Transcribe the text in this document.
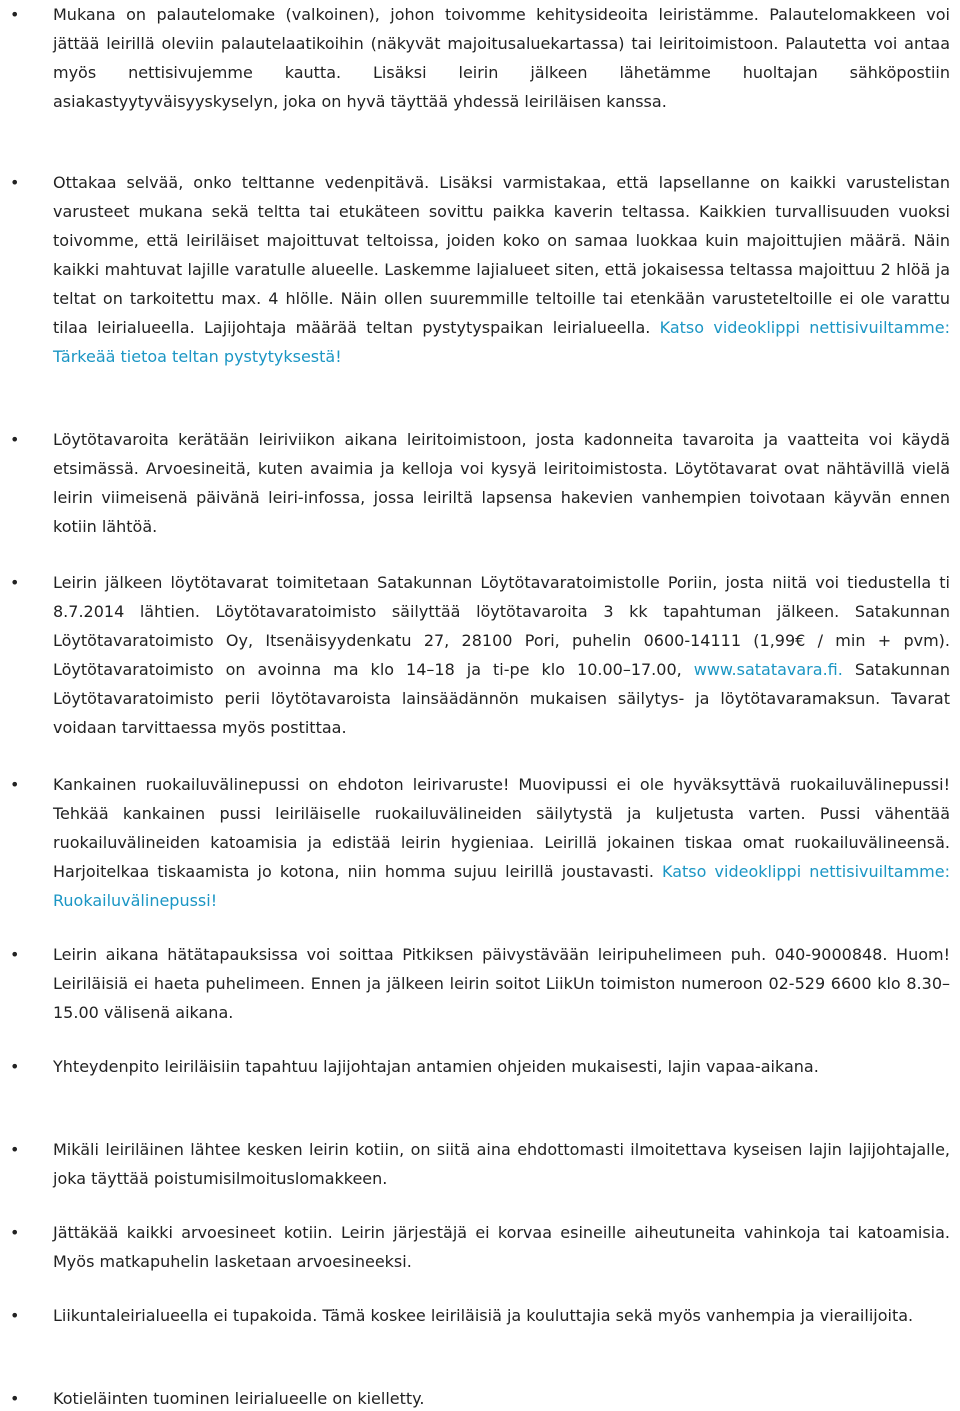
•	Mukana on palautelomake (valkoinen), johon toivomme kehitysideoita leiristämme. Palautelomakkeen voi jättää leirillä oleviin palautelaatikoihin (näkyvät majoitusaluekartassa) tai leiritoimistoon. Palautetta voi antaa myös nettisivujemme kautta. Lisäksi leirin jälkeen lähetämme huoltajan sähköpostiin asiakastyytyväisyyskyselyn, joka on hyvä täyttää yhdessä leiriläisen kanssa.

•	Ottakaa selvää, onko telttanne vedenpitävä. Lisäksi varmistakaa, että lapsellanne on kaikki varustelistan varusteet mukana sekä teltta tai etukäteen sovittu paikka kaverin teltassa. Kaikkien turvallisuuden vuoksi toivomme, että leiriläiset majoittuvat teltoissa, joiden koko on samaa luokkaa kuin majoittujien määrä. Näin kaikki mahtuvat lajille varatulle alueelle. Laskemme lajialueet siten, että jokaisessa teltassa majoittuu 2 hlöä ja teltat on tarkoitettu max. 4 hlölle. Näin ollen suuremmille teltoille tai etenkään varusteteltoille ei ole varattu tilaa leirialueella. Lajijohtaja määrää teltan pystytyspaikan leirialueella. Katso videoklippi nettisivuiltamme: Tärkeää tietoa teltan pystytyksestä!

•	Löytötavaroita kerätään leiriviikon aikana leiritoimistoon, josta kadonneita tavaroita ja vaatteita voi käydä etsimässä. Arvoesineitä, kuten avaimia ja kelloja voi kysyä leiritoimistosta. Löytötavarat ovat nähtävillä vielä leirin viimeisenä päivänä leiri-infossa, jossa leiriltä lapsensa hakevien vanhempien toivotaan käyvän ennen kotiin lähtöä.

•	Leirin jälkeen löytötavarat toimitetaan Satakunnan Löytötavaratoimistolle Poriin, josta niitä voi tiedustella ti 8.7.2014 lähtien. Löytötavaratoimisto säilyttää löytötavaroita 3 kk tapahtuman jälkeen. Satakunnan Löytötavaratoimisto Oy, Itsenäisyydenkatu 27, 28100 Pori, puhelin 0600-14111 (1,99€ / min + pvm). Löytötavaratoimisto on avoinna ma klo 14–18 ja ti-pe klo 10.00–17.00, www.satatavara.fi. Satakunnan Löytötavaratoimisto perii löytötavaroista lainsäädännön mukaisen säilytys- ja löytötavaramaksun. Tavarat voidaan tarvittaessa myös postittaa.

•	Kankainen ruokailuvälinepussi on ehdoton leirivaruste! Muovipussi ei ole hyväksyttävä ruokailuvälinepussi! Tehkää kankainen pussi leiriläiselle ruokailuvälineiden säilytystä ja kuljetusta varten. Pussi vähentää ruokailuvälineiden katoamisia ja edistää leirin hygieniaa. Leirillä jokainen tiskaa omat ruokailuvälineensä. Harjoitelkaa tiskaamista jo kotona, niin homma sujuu leirillä joustavasti. Katso videoklippi nettisivuiltamme: Ruokailuvälinepussi!

•	Leirin aikana hätätapauksissa voi soittaa Pitkiksen päivystävään leiripuhelimeen puh. 040-9000848. Huom! Leiriläisiä ei haeta puhelimeen. Ennen ja jälkeen leirin soitot LiikUn toimiston numeroon 02-529 6600 klo 8.30–15.00 välisenä aikana.

•	Yhteydenpito leiriläisiin tapahtuu lajijohtajan antamien ohjeiden mukaisesti, lajin vapaa-aikana.

•	Mikäli leiriläinen lähtee kesken leirin kotiin, on siitä aina ehdottomasti ilmoitettava kyseisen lajin lajijohtajalle, joka täyttää poistumisilmoituslomakkeen.

•	Jättäkää kaikki arvoesineet kotiin. Leirin järjestäjä ei korvaa esineille aiheutuneita vahinkoja tai katoamisia. Myös matkapuhelin lasketaan arvoesineeksi.

•	Liikuntaleirialueella ei tupakoida. Tämä koskee leiriläisiä ja kouluttajia sekä myös vanhempia ja vierailijoita.

•	Kotieläinten tuominen leirialueelle on kielletty.
